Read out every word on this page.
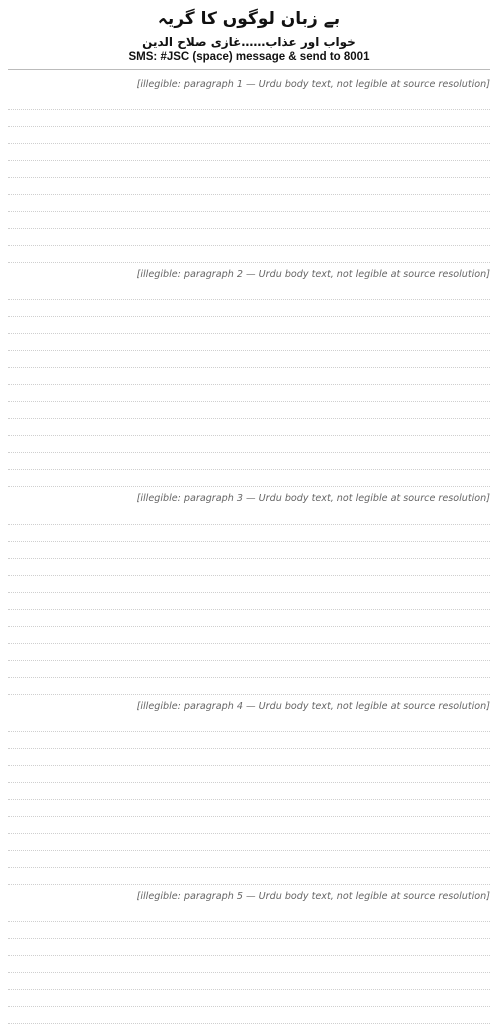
بے زبان لوگوں کا گریہ
خواب اور عذاب……غازی صلاح الدین
SMS: #JSC (space) message & send to 8001
[illegible: paragraph 1 — Urdu body text, not legible at source resolution]
[illegible: paragraph 2 — Urdu body text, not legible at source resolution]
[illegible: paragraph 3 — Urdu body text, not legible at source resolution]
[illegible: paragraph 4 — Urdu body text, not legible at source resolution]
[illegible: paragraph 5 — Urdu body text, not legible at source resolution]
